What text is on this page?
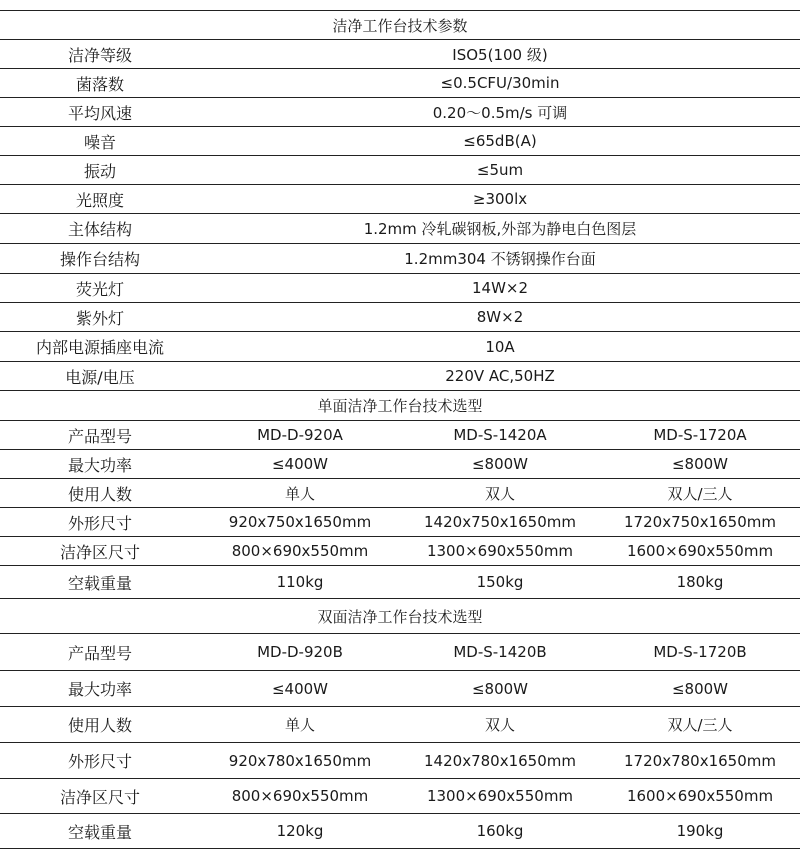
洁净工作台技术参数			
洁净等级	ISO5(100 级)		
菌落数	≤0.5CFU/30min		
平均风速	0.20～0.5m/s 可调		
噪音	≤65dB(A)		
振动	≤5um		
光照度	≥300lx		
主体结构	1.2mm 冷轧碳钢板,外部为静电白色图层		
操作台结构	1.2mm304 不锈钢操作台面		
荧光灯	14W×2		
紫外灯	8W×2		
内部电源插座电流	10A		
电源/电压	220V AC,50HZ		
单面洁净工作台技术选型			
产品型号	MD-D-920A	MD-S-1420A	MD-S-1720A
最大功率	≤400W	≤800W	≤800W
使用人数	单人	双人	双人/三人
外形尺寸	920x750x1650mm	1420x750x1650mm	1720x750x1650mm
洁净区尺寸	800×690x550mm	1300×690x550mm	1600×690x550mm
空载重量	110kg	150kg	180kg
双面洁净工作台技术选型			
产品型号	MD-D-920B	MD-S-1420B	MD-S-1720B
最大功率	≤400W	≤800W	≤800W
使用人数	单人	双人	双人/三人
外形尺寸	920x780x1650mm	1420x780x1650mm	1720x780x1650mm
洁净区尺寸	800×690x550mm	1300×690x550mm	1600×690x550mm
空载重量	120kg	160kg	190kg
